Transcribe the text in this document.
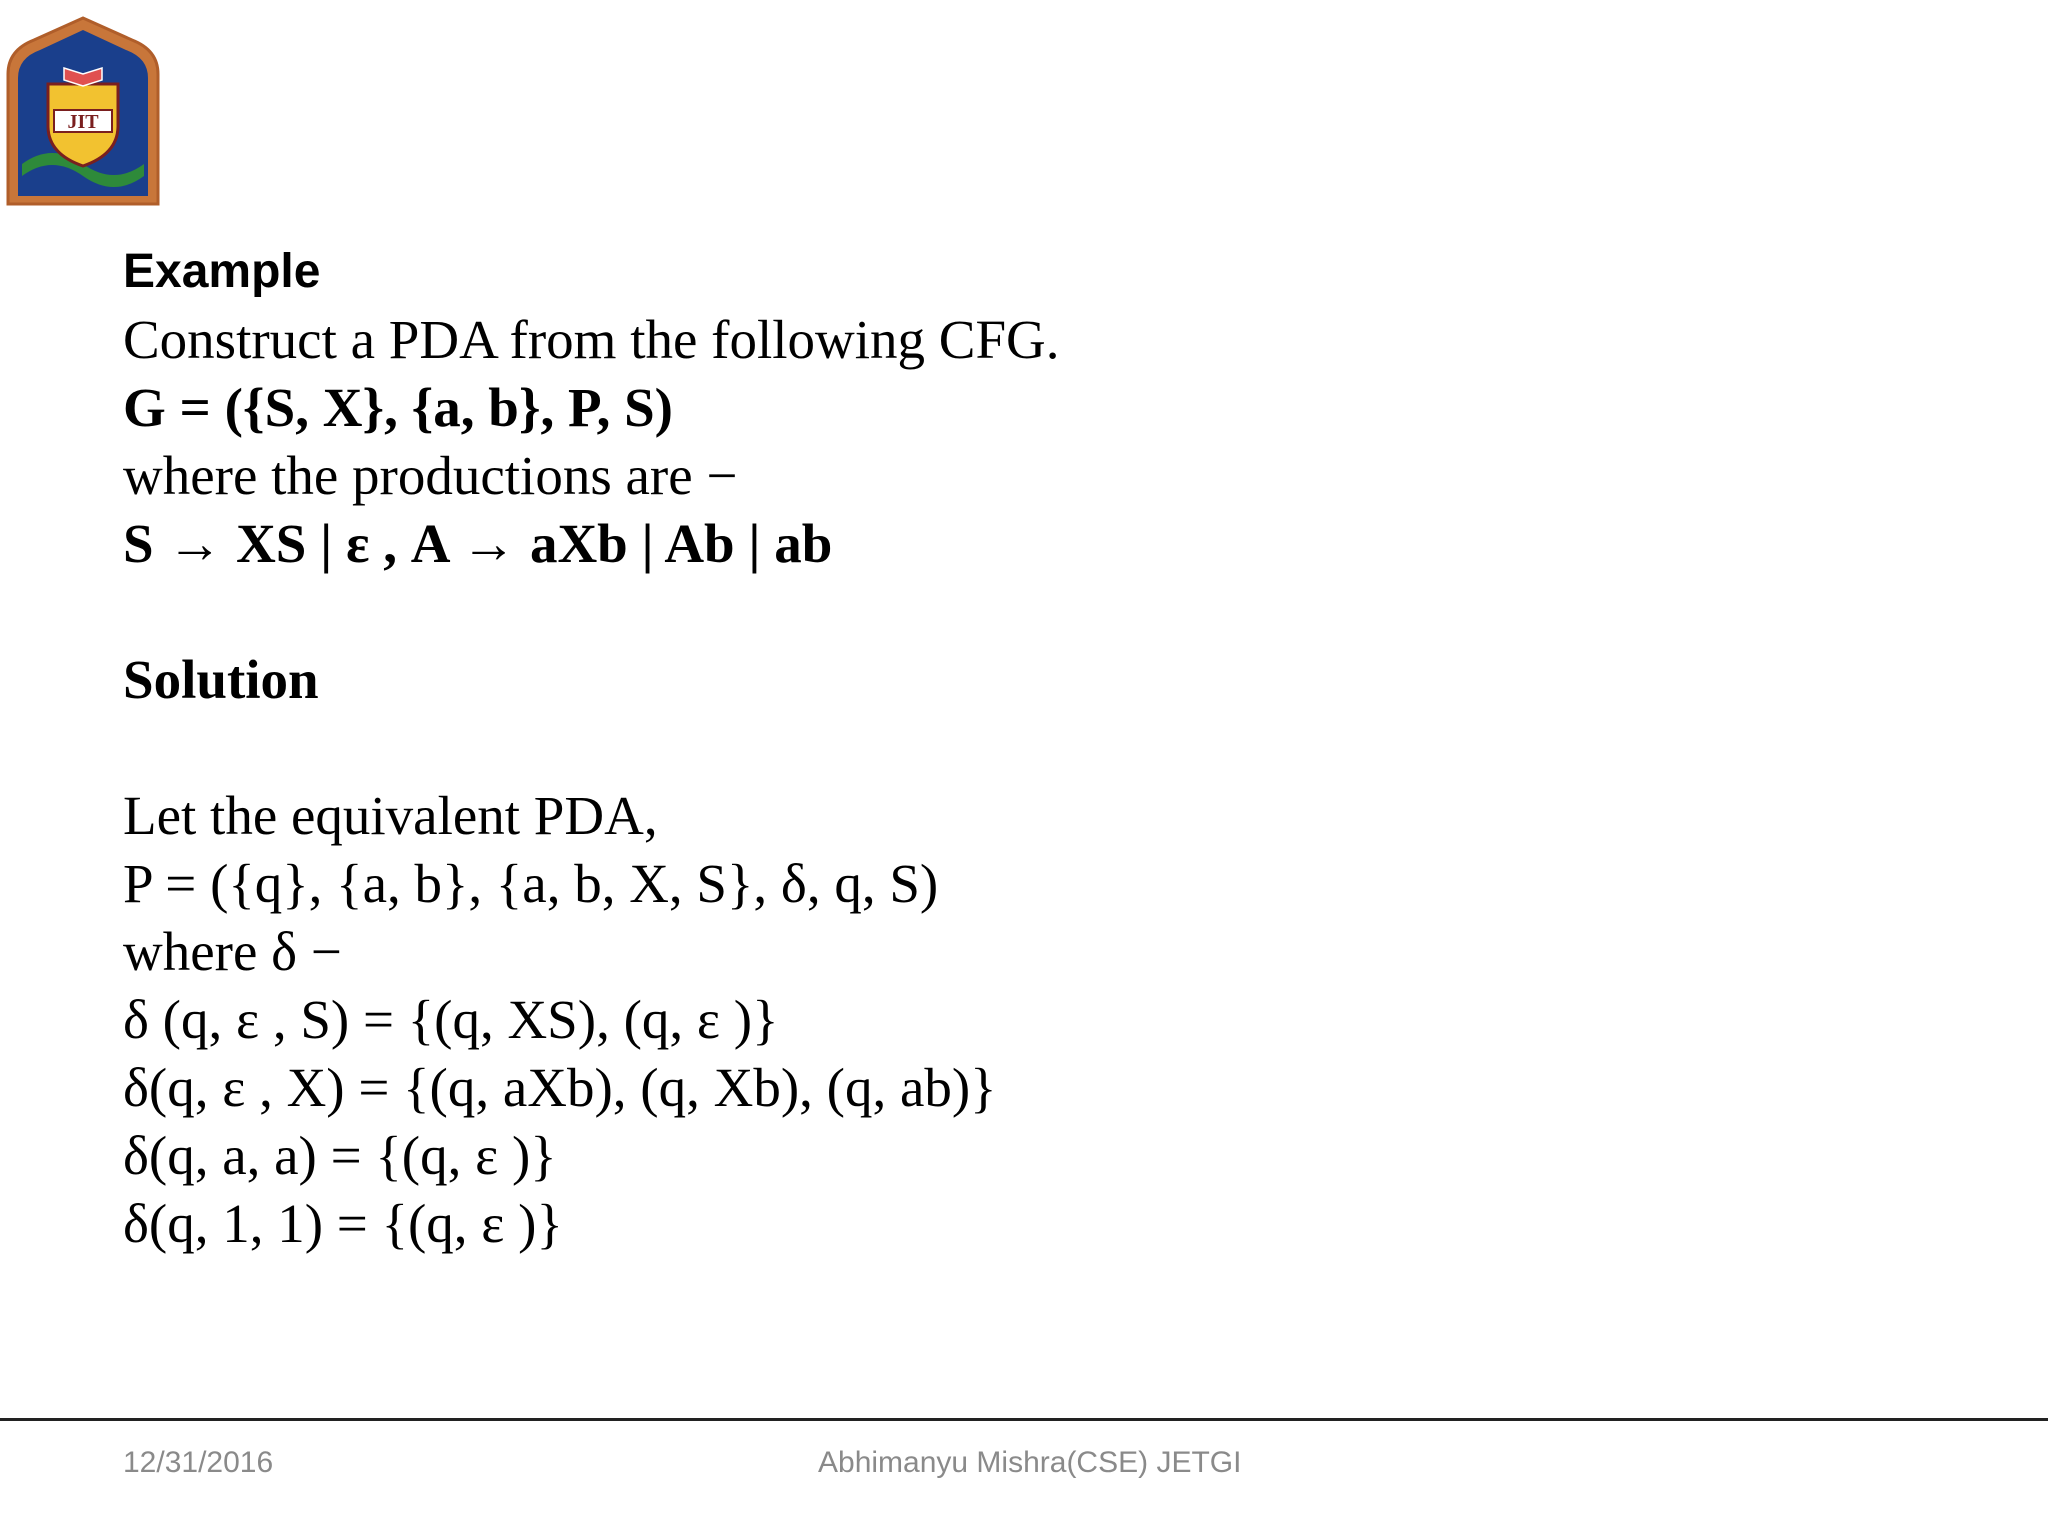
JIT
Example
Construct a PDA from the following CFG.
G = ({S, X}, {a, b}, P, S)
where the productions are −
S → XS | ε , A → aXb | Ab | ab
Solution
Let the equivalent PDA,
P = ({q}, {a, b}, {a, b, X, S}, δ, q, S)
where δ −
δ (q, ε , S) = {(q, XS), (q, ε )}
δ(q, ε , X) = {(q, aXb), (q, Xb), (q, ab)}
δ(q, a, a) = {(q, ε )}
δ(q, 1, 1) = {(q, ε )}
12/31/2016	Abhimanyu Mishra(CSE) JETGI
